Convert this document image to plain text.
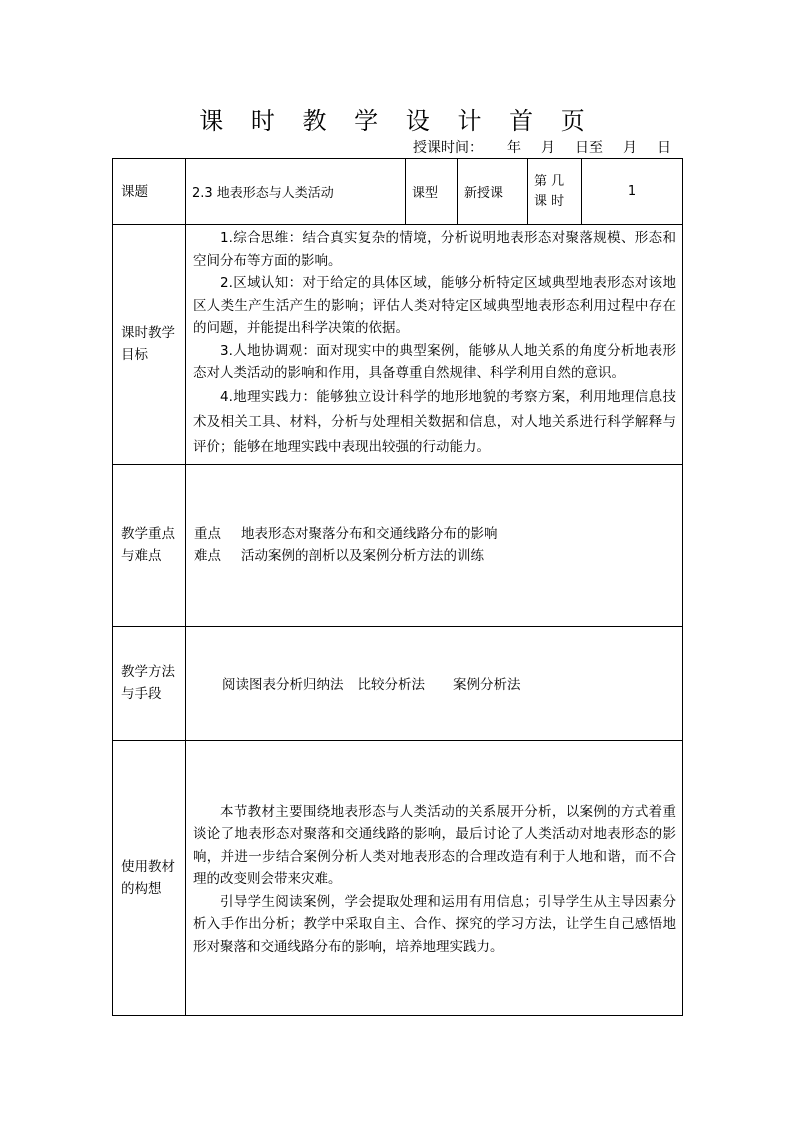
课 时 教 学 设 计 首 页
授课时间： 年 月 日至 月 日
课题	2.3 地表形态与人类活动	课型	新授课	第 几
课 时	1
课时教学目标	1.综合思维：结合真实复杂的情境，分析说明地表形态对聚落规模、形态和空间分布等方面的影响。
2.区域认知：对于给定的具体区域，能够分析特定区域典型地表形态对该地区人类生产生活产生的影响；评估人类对特定区域典型地表形态利用过程中存在的问题，并能提出科学决策的依据。
3.人地协调观：面对现实中的典型案例，能够从人地关系的角度分析地表形态对人类活动的影响和作用，具备尊重自然规律、科学利用自然的意识。
4.地理实践力：能够独立设计科学的地形地貌的考察方案，利用地理信息技术及相关工具、材料，分析与处理相关数据和信息，对人地关系进行科学解释与评价；能够在地理实践中表现出较强的行动能力。				

教学重点与难点	重点 地表形态对聚落分布和交通线路分布的影响
难点 活动案例的剖析以及案例分析方法的训练				

教学方法与手段	阅读图表分析归纳法 比较分析法 案例分析法				
使用教材的构想	本节教材主要围绕地表形态与人类活动的关系展开分析，以案例的方式着重谈论了地表形态对聚落和交通线路的影响，最后讨论了人类活动对地表形态的影响，并进一步结合案例分析人类对地表形态的合理改造有利于人地和谐，而不合理的改变则会带来灾难。
引导学生阅读案例，学会提取处理和运用有用信息；引导学生从主导因素分析入手作出分析；教学中采取自主、合作、探究的学习方法，让学生自己感悟地形对聚落和交通线路分布的影响，培养地理实践力。				
